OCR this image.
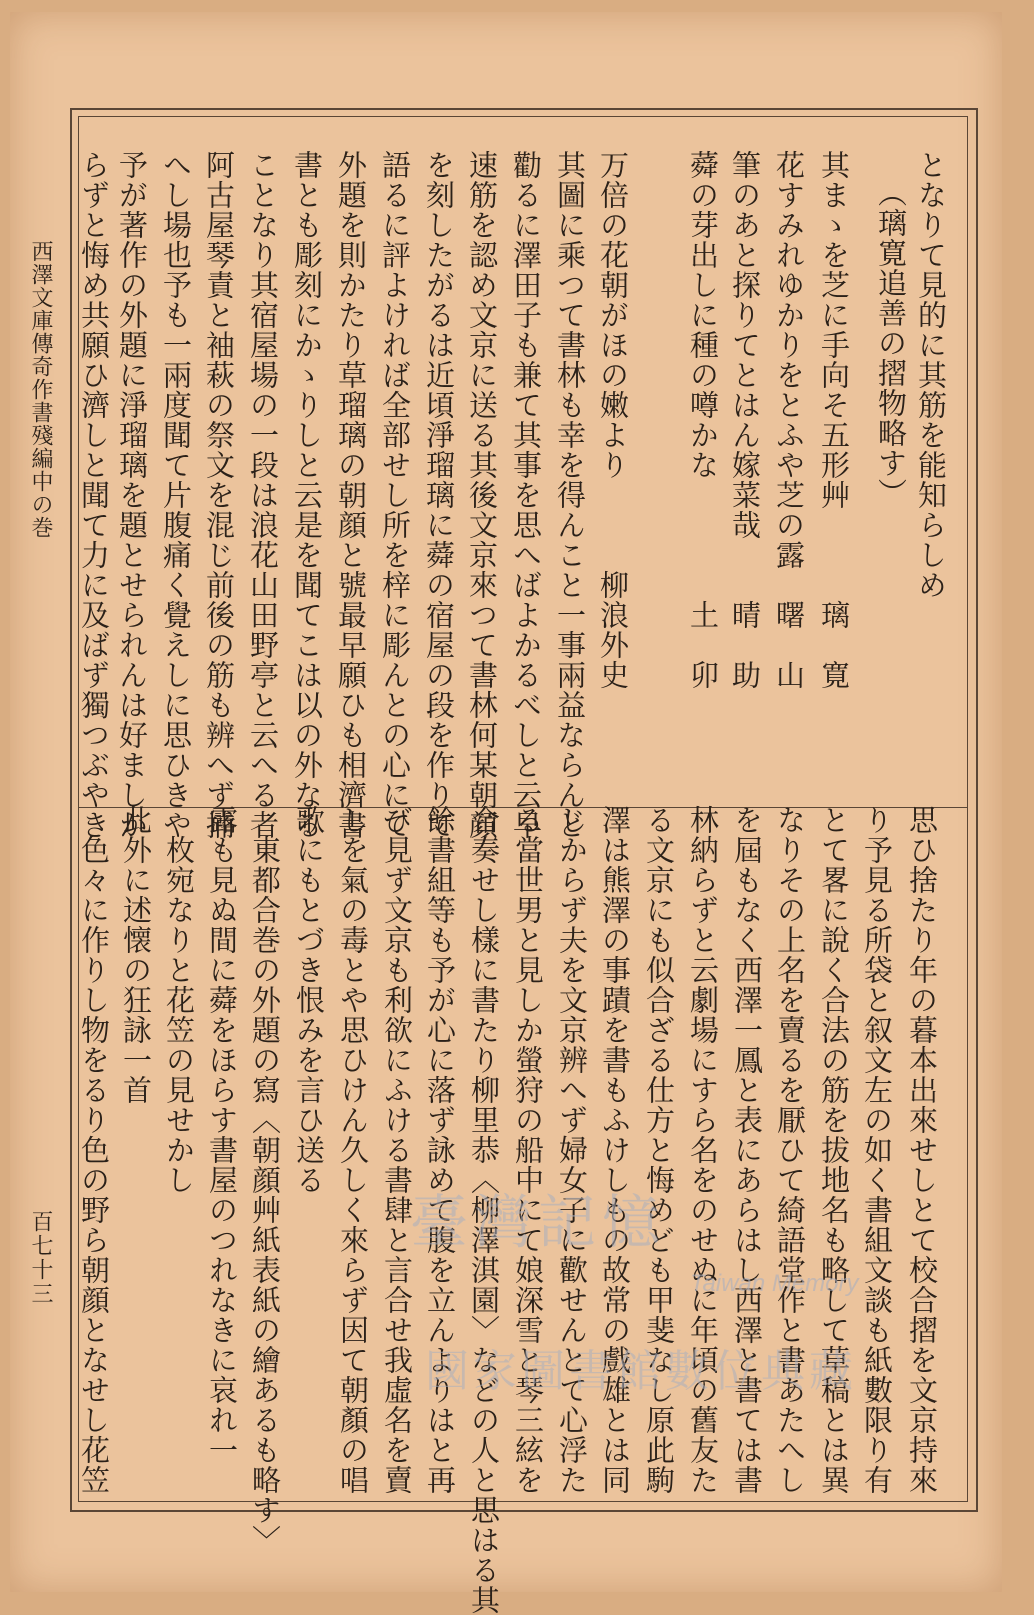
西澤文庫傳奇作書殘編中の巻
百七十三
となりて見的に其筋を能知らしめ
（璃寛追善の摺物略す）
其まゝを芝に手向そ五形艸　　　璃　寛
花すみれゆかりをとふや芝の露　曙　山
筆のあと探りてとはん嫁菜哉　　晴　助
蕣の芽出しに種の噂かな　　　　土　卯
万倍の花朝がほの嫩より　　　柳浪外史
其圖に乘つて書林も幸を得んこと一事兩益ならんと
勸るに澤田子も兼て其事を思へばよかるべしと云早
速筋を認め文京に送る其後文京來つて書林何某朝顔
を刻したがるは近頃淨瑠璃に蕣の宿屋の段を作りて
語るに評よければ全部せし所を梓に彫んとの心にて
外題を則かたり草瑠璃の朝顔と號最早願ひも相濟書
書とも彫刻にかゝりしと云是を聞てこは以の外なる
ことなり其宿屋場の一段は浪花山田野亭と云へる者
阿古屋琴責と袖萩の祭文を混じ前後の筋も辨へず捕
へし場也予も一兩度聞て片腹痛く覺えしに思ひきや
予が著作の外題に淨瑠璃を題とせられんは好ましか
らずと悔め共願ひ濟しと聞て力に及ばず獨つぶやき
思ひ捨たり年の暮本出來せしとて校合摺を文京持來
り予見る所袋と叙文左の如く書組文談も紙數限り有
とて畧に說く合法の筋を拔地名も略して草稿とは異
なりその上名を賣るを厭ひて綺語堂作と書あたへし
を屆もなく西澤一鳳と表にあらはし西澤と書ては書
林納らずと云劇場にすら名をのせぬに年頃の舊友た
る文京にも似合ざる仕方と悔めども甲斐なし原此駒
澤は熊澤の事蹟を書もふけしもの故常の戲雄とは同
じからず夫を文京辨へず婦女子に歡せんとて心浮た
る當世男と見しか螢狩の船中にて娘深雪と琴三絃を
合奏せし樣に書たり柳里恭〈柳澤淇園〉などの人と思はる其
餘書組等も予が心に落ず詠めて腹を立んよりはと再
び見ず文京も利欲にふける書肆と言合せ我虛名を賣
しを氣の毒とや思ひけん久しく來らず因て朝顏の唱
歌にもとづき恨みを言ひ送る
　東都合巻の外題の寫〈朝顔艸紙表紙の繪あるも略す〉
露も見ぬ間に蕣をほらす書屋のつれなきに哀れ一
　枚宛なりと花笠の見せかし
此外に述懐の狂詠一首
　色々に作りし物をるり色の野ら朝顔となせし花笠	臺灣記憶
Taiwan Memory
國家圖書館數位典藏
